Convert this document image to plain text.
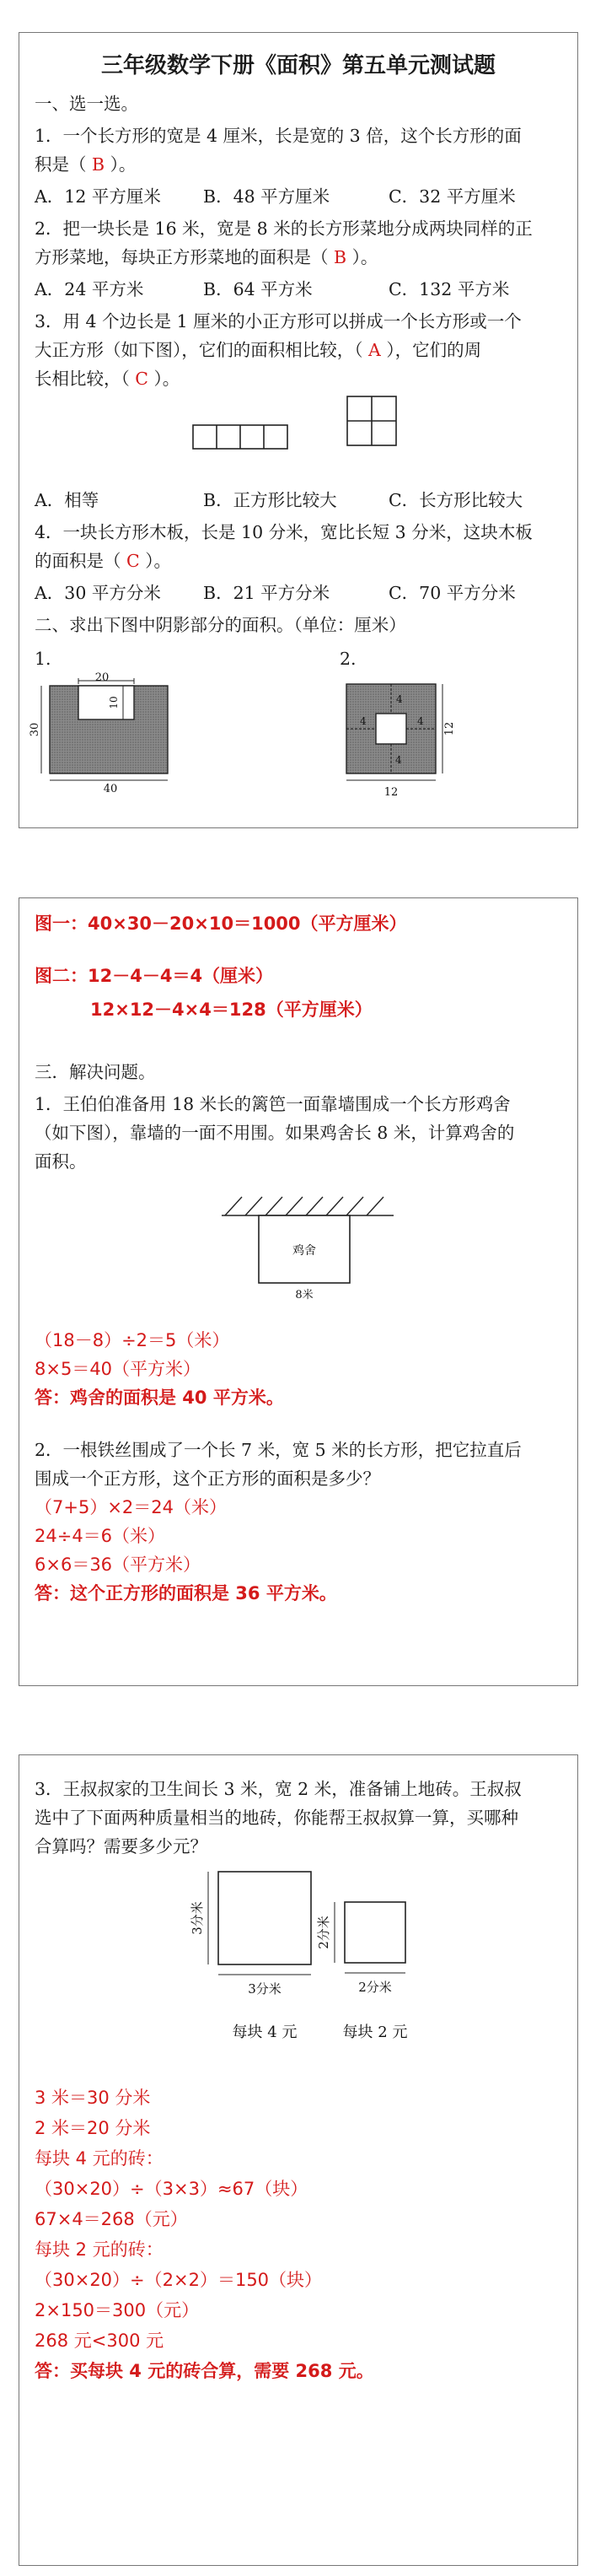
三年级数学下册《面积》第五单元测试题
一、选一选。
1．一个长方形的宽是 4 厘米，长是宽的 3 倍，这个长方形的面
积是（ B ）。
A．12 平方厘米 B．48 平方厘米	C．32 平方厘米
2．把一块长是 16 米，宽是 8 米的长方形菜地分成两块同样的正
方形菜地，每块正方形菜地的面积是（ B ）。
A．24 平方米	B．64 平方米	C．132 平方米
3．用 4 个边长是 1 厘米的小正方形可以拼成一个长方形或一个
大正方形（如下图），它们的面积相比较，（ A ），它们的周
长相比较，（ C ）。
A．相等	B．正方形比较大	C．长方形比较大
4．一块长方形木板，长是 10 分米，宽比长短 3 分米，这块木板
的面积是（ C ）。
A．30 平方分米 B．21 平方分米	C．70 平方分米
二、求出下图中阴影部分的面积。（单位：厘米）
1.	2.
20
10
30
40
4
4
4	4
12
12
图一：40×30－20×10＝1000（平方厘米）
图二：12－4－4＝4（厘米）
12×12－4×4＝128（平方厘米）
三．解决问题。
1．王伯伯准备用 18 米长的篱笆一面靠墙围成一个长方形鸡舍
（如下图），靠墙的一面不用围。如果鸡舍长 8 米，计算鸡舍的
面积。
鸡舍
8米
（18－8）÷2＝5（米）
8×5＝40（平方米）
答：鸡舍的面积是 40 平方米。
2．一根铁丝围成了一个长 7 米，宽 5 米的长方形，把它拉直后
围成一个正方形，这个正方形的面积是多少？
（7+5）×2＝24（米）
24÷4＝6（米）
6×6＝36（平方米）
答：这个正方形的面积是 36 平方米。
3．王叔叔家的卫生间长 3 米，宽 2 米，准备铺上地砖。王叔叔
选中了下面两种质量相当的地砖，你能帮王叔叔算一算，买哪种
合算吗？需要多少元？
3分米
3分米
每块 4 元
2分米
2分米
每块 2 元
3 米＝30 分米
2 米＝20 分米
每块 4 元的砖：
（30×20）÷（3×3）≈67（块）
67×4＝268（元）
每块 2 元的砖：
（30×20）÷（2×2）＝150（块）
2×150＝300（元）
268 元<300 元
答：买每块 4 元的砖合算，需要 268 元。
